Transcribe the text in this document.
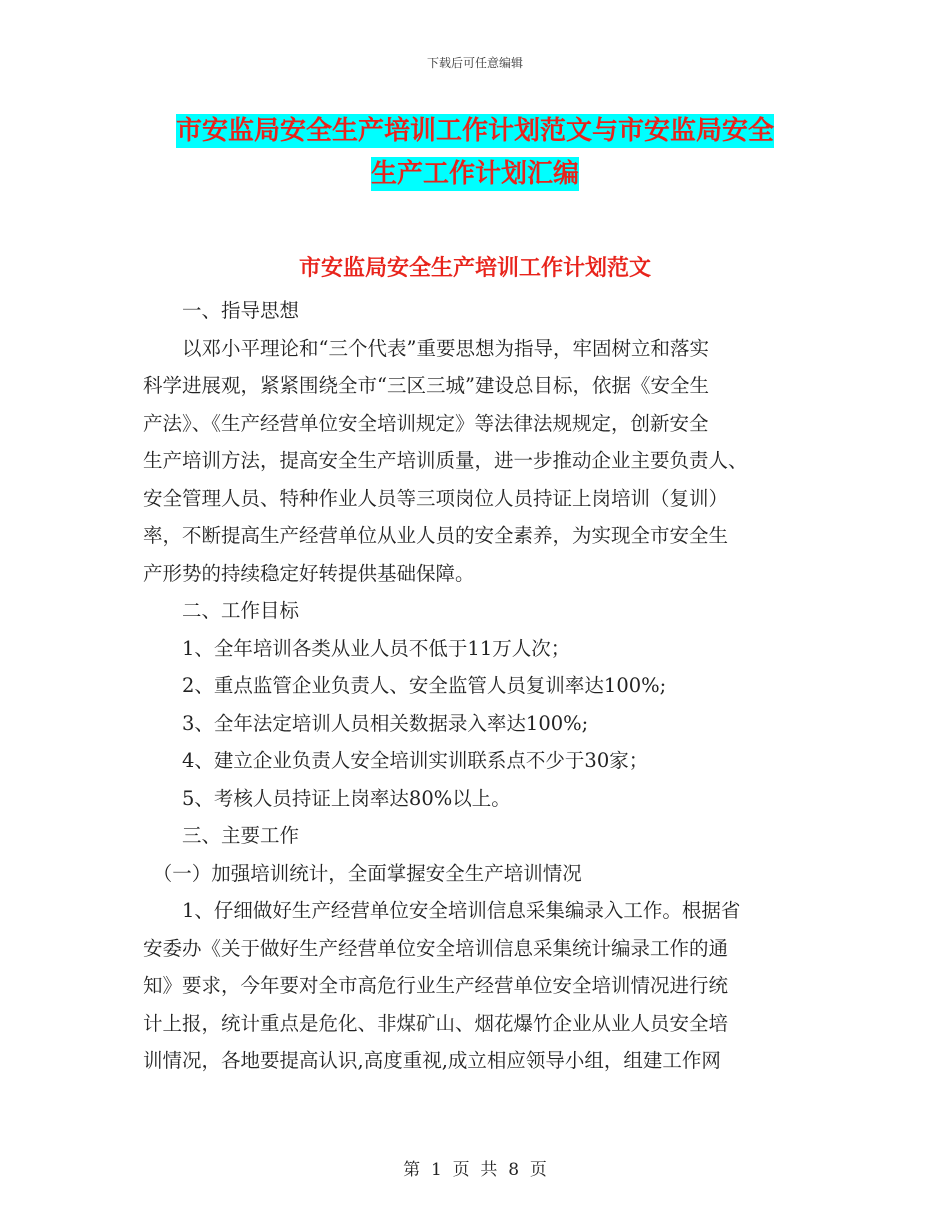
下载后可任意编辑
市安监局安全生产培训工作计划范文与市安监局安全
生产工作计划汇编
市安监局安全生产培训工作计划范文
　　一、指导思想
　　以邓小平理论和“三个代表”重要思想为指导，牢固树立和落实
科学进展观，紧紧围绕全市“三区三城”建设总目标，依据《安全生
产法》、《生产经营单位安全培训规定》等法律法规规定，创新安全
生产培训方法，提高安全生产培训质量，进一步推动企业主要负责人、
安全管理人员、特种作业人员等三项岗位人员持证上岗培训（复训）
率，不断提高生产经营单位从业人员的安全素养，为实现全市安全生
产形势的持续稳定好转提供基础保障。
　　二、工作目标
　　1、全年培训各类从业人员不低于11万人次；
　　2、重点监管企业负责人、安全监管人员复训率达100%;
　　3、全年法定培训人员相关数据录入率达100%;
　　4、建立企业负责人安全培训实训联系点不少于30家；
　　5、考核人员持证上岗率达80%以上。
　　三、主要工作
　（一）加强培训统计，全面掌握安全生产培训情况
　　1、仔细做好生产经营单位安全培训信息采集编录入工作。根据省
安委办《关于做好生产经营单位安全培训信息采集统计编录工作的通
知》要求，今年要对全市高危行业生产经营单位安全培训情况进行统
计上报，统计重点是危化、非煤矿山、烟花爆竹企业从业人员安全培
训情况，各地要提高认识,高度重视,成立相应领导小组，组建工作网
第  1  页  共  8  页
